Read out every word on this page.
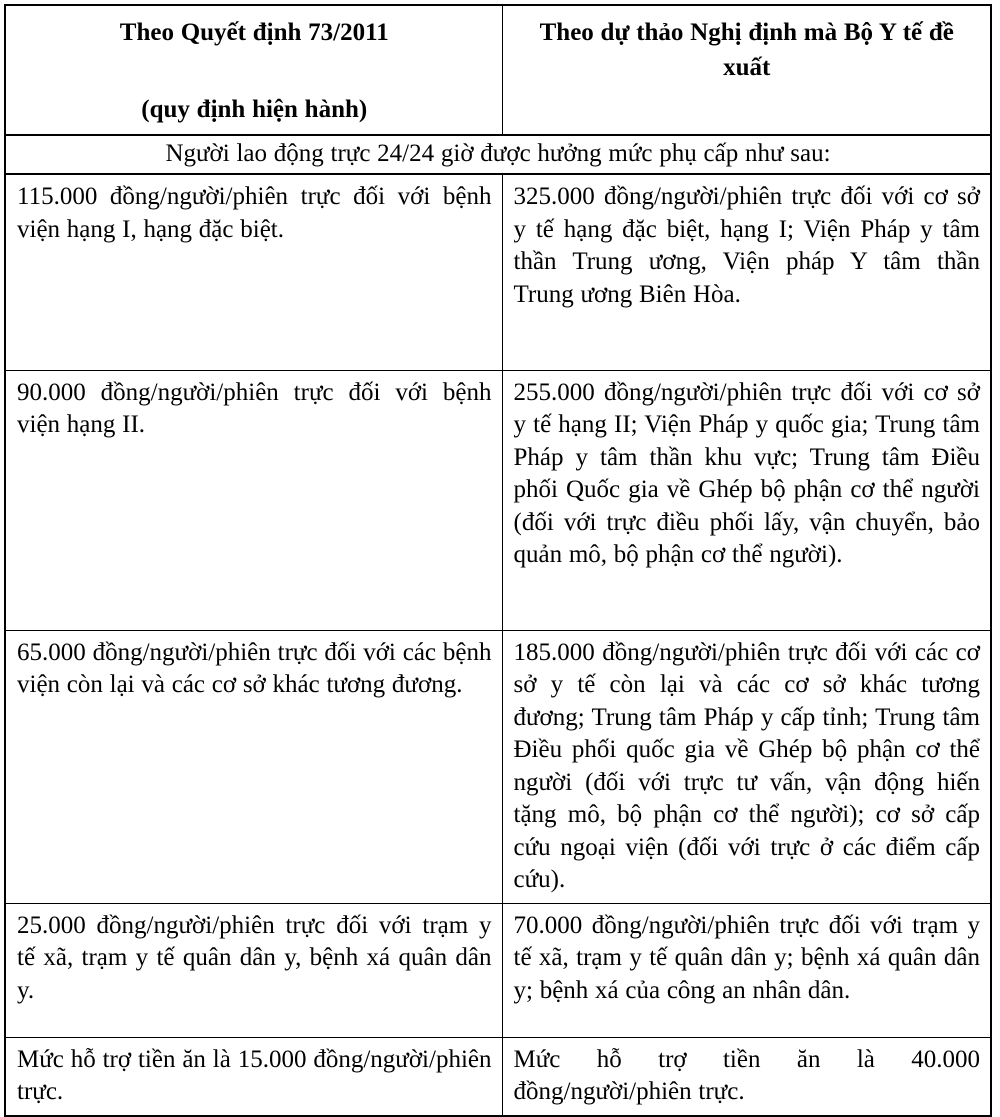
Theo Quyết định 73/2011
(quy định hiện hành)	Theo dự thảo Nghị định mà Bộ Y tế đề xuất

Người lao động trực 24/24 giờ được hưởng mức phụ cấp như sau:	

115.000 đồng/người/phiên trực đối với bệnh viện hạng I, hạng đặc biệt.	325.000 đồng/người/phiên trực đối với cơ sở y tế hạng đặc biệt, hạng I; Viện Pháp y tâm thần Trung ương, Viện pháp Y tâm thần Trung ương Biên Hòa.

90.000 đồng/người/phiên trực đối với bệnh viện hạng II.	255.000 đồng/người/phiên trực đối với cơ sở y tế hạng II; Viện Pháp y quốc gia; Trung tâm Pháp y tâm thần khu vực; Trung tâm Điều phối Quốc gia về Ghép bộ phận cơ thể người (đối với trực điều phối lấy, vận chuyển, bảo quản mô, bộ phận cơ thể người).

65.000 đồng/người/phiên trực đối với các bệnh viện còn lại và các cơ sở khác tương đương.	185.000 đồng/người/phiên trực đối với các cơ sở y tế còn lại và các cơ sở khác tương đương; Trung tâm Pháp y cấp tỉnh; Trung tâm Điều phối quốc gia về Ghép bộ phận cơ thể người (đối với trực tư vấn, vận động hiến tặng mô, bộ phận cơ thể người); cơ sở cấp cứu ngoại viện (đối với trực ở các điểm cấp cứu).

25.000 đồng/người/phiên trực đối với trạm y tế xã, trạm y tế quân dân y, bệnh xá quân dân y.	70.000 đồng/người/phiên trực đối với trạm y tế xã, trạm y tế quân dân y; bệnh xá quân dân y; bệnh xá của công an nhân dân.

Mức hỗ trợ tiền ăn là 15.000 đồng/người/phiên trực.	Mức hỗ trợ tiền ăn là 40.000 đồng/người/phiên trực.
